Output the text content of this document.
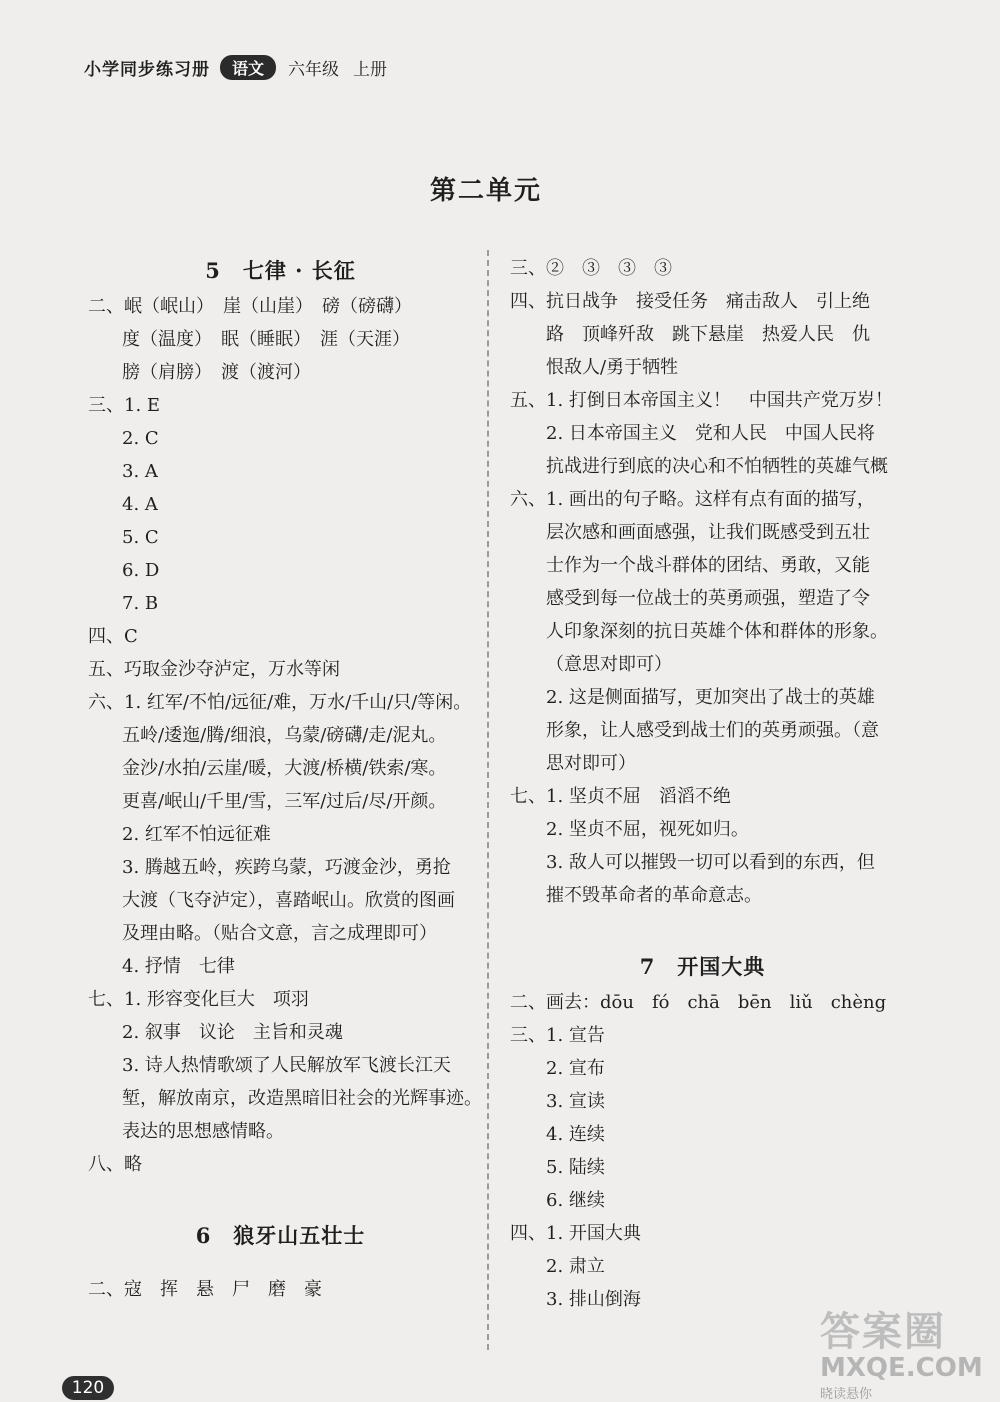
小学同步练习册	语文	六年级 上册
第二单元
5　七律 · 长征
二、岷（岷山）　崖（山崖）　磅（磅礴）
度（温度）　眠（睡眠）　涯（天涯）
膀（肩膀）　渡（渡河）
三、1. E
2. C
3. A
4. A
5. C
6. D
7. B
四、C
五、巧取金沙夺泸定，万水等闲
六、1. 红军/不怕/远征/难，万水/千山/只/等闲。
五岭/逶迤/腾/细浪，乌蒙/磅礴/走/泥丸。
金沙/水拍/云崖/暖，大渡/桥横/铁索/寒。
更喜/岷山/千里/雪，三军/过后/尽/开颜。
2. 红军不怕远征难
3. 腾越五岭，疾跨乌蒙，巧渡金沙，勇抢
大渡（飞夺泸定），喜踏岷山。欣赏的图画
及理由略。（贴合文意，言之成理即可）
4. 抒情　七律
七、1. 形容变化巨大　项羽
2. 叙事　议论　主旨和灵魂
3. 诗人热情歌颂了人民解放军飞渡长江天
堑，解放南京，改造黑暗旧社会的光辉事迹。
表达的思想感情略。
八、略
6　狼牙山五壮士
二、寇　挥　悬　尸　磨　豪
三、②　③　③　③
四、抗日战争　接受任务　痛击敌人　引上绝
路　顶峰歼敌　跳下悬崖　热爱人民　仇
恨敌人/勇于牺牲
五、1. 打倒日本帝国主义！　中国共产党万岁！
2. 日本帝国主义　党和人民　中国人民将
抗战进行到底的决心和不怕牺牲的英雄气概
六、1. 画出的句子略。这样有点有面的描写，
层次感和画面感强，让我们既感受到五壮
士作为一个战斗群体的团结、勇敢，又能
感受到每一位战士的英勇顽强，塑造了令
人印象深刻的抗日英雄个体和群体的形象。
（意思对即可）
2. 这是侧面描写，更加突出了战士的英雄
形象，让人感受到战士们的英勇顽强。（意
思对即可）
七、1. 坚贞不屈　滔滔不绝
2. 坚贞不屈，视死如归。
3. 敌人可以摧毁一切可以看到的东西，但
摧不毁革命者的革命意志。
7　开国大典
二、画去：dōu　fó　chā　bēn　liǔ　chèng
三、1. 宣告
2. 宣布
3. 宣读
4. 连续
5. 陆续
6. 继续
四、1. 开国大典
2. 肃立
3. 排山倒海
120
答案圈
MXQE.COM
晓读悬你
